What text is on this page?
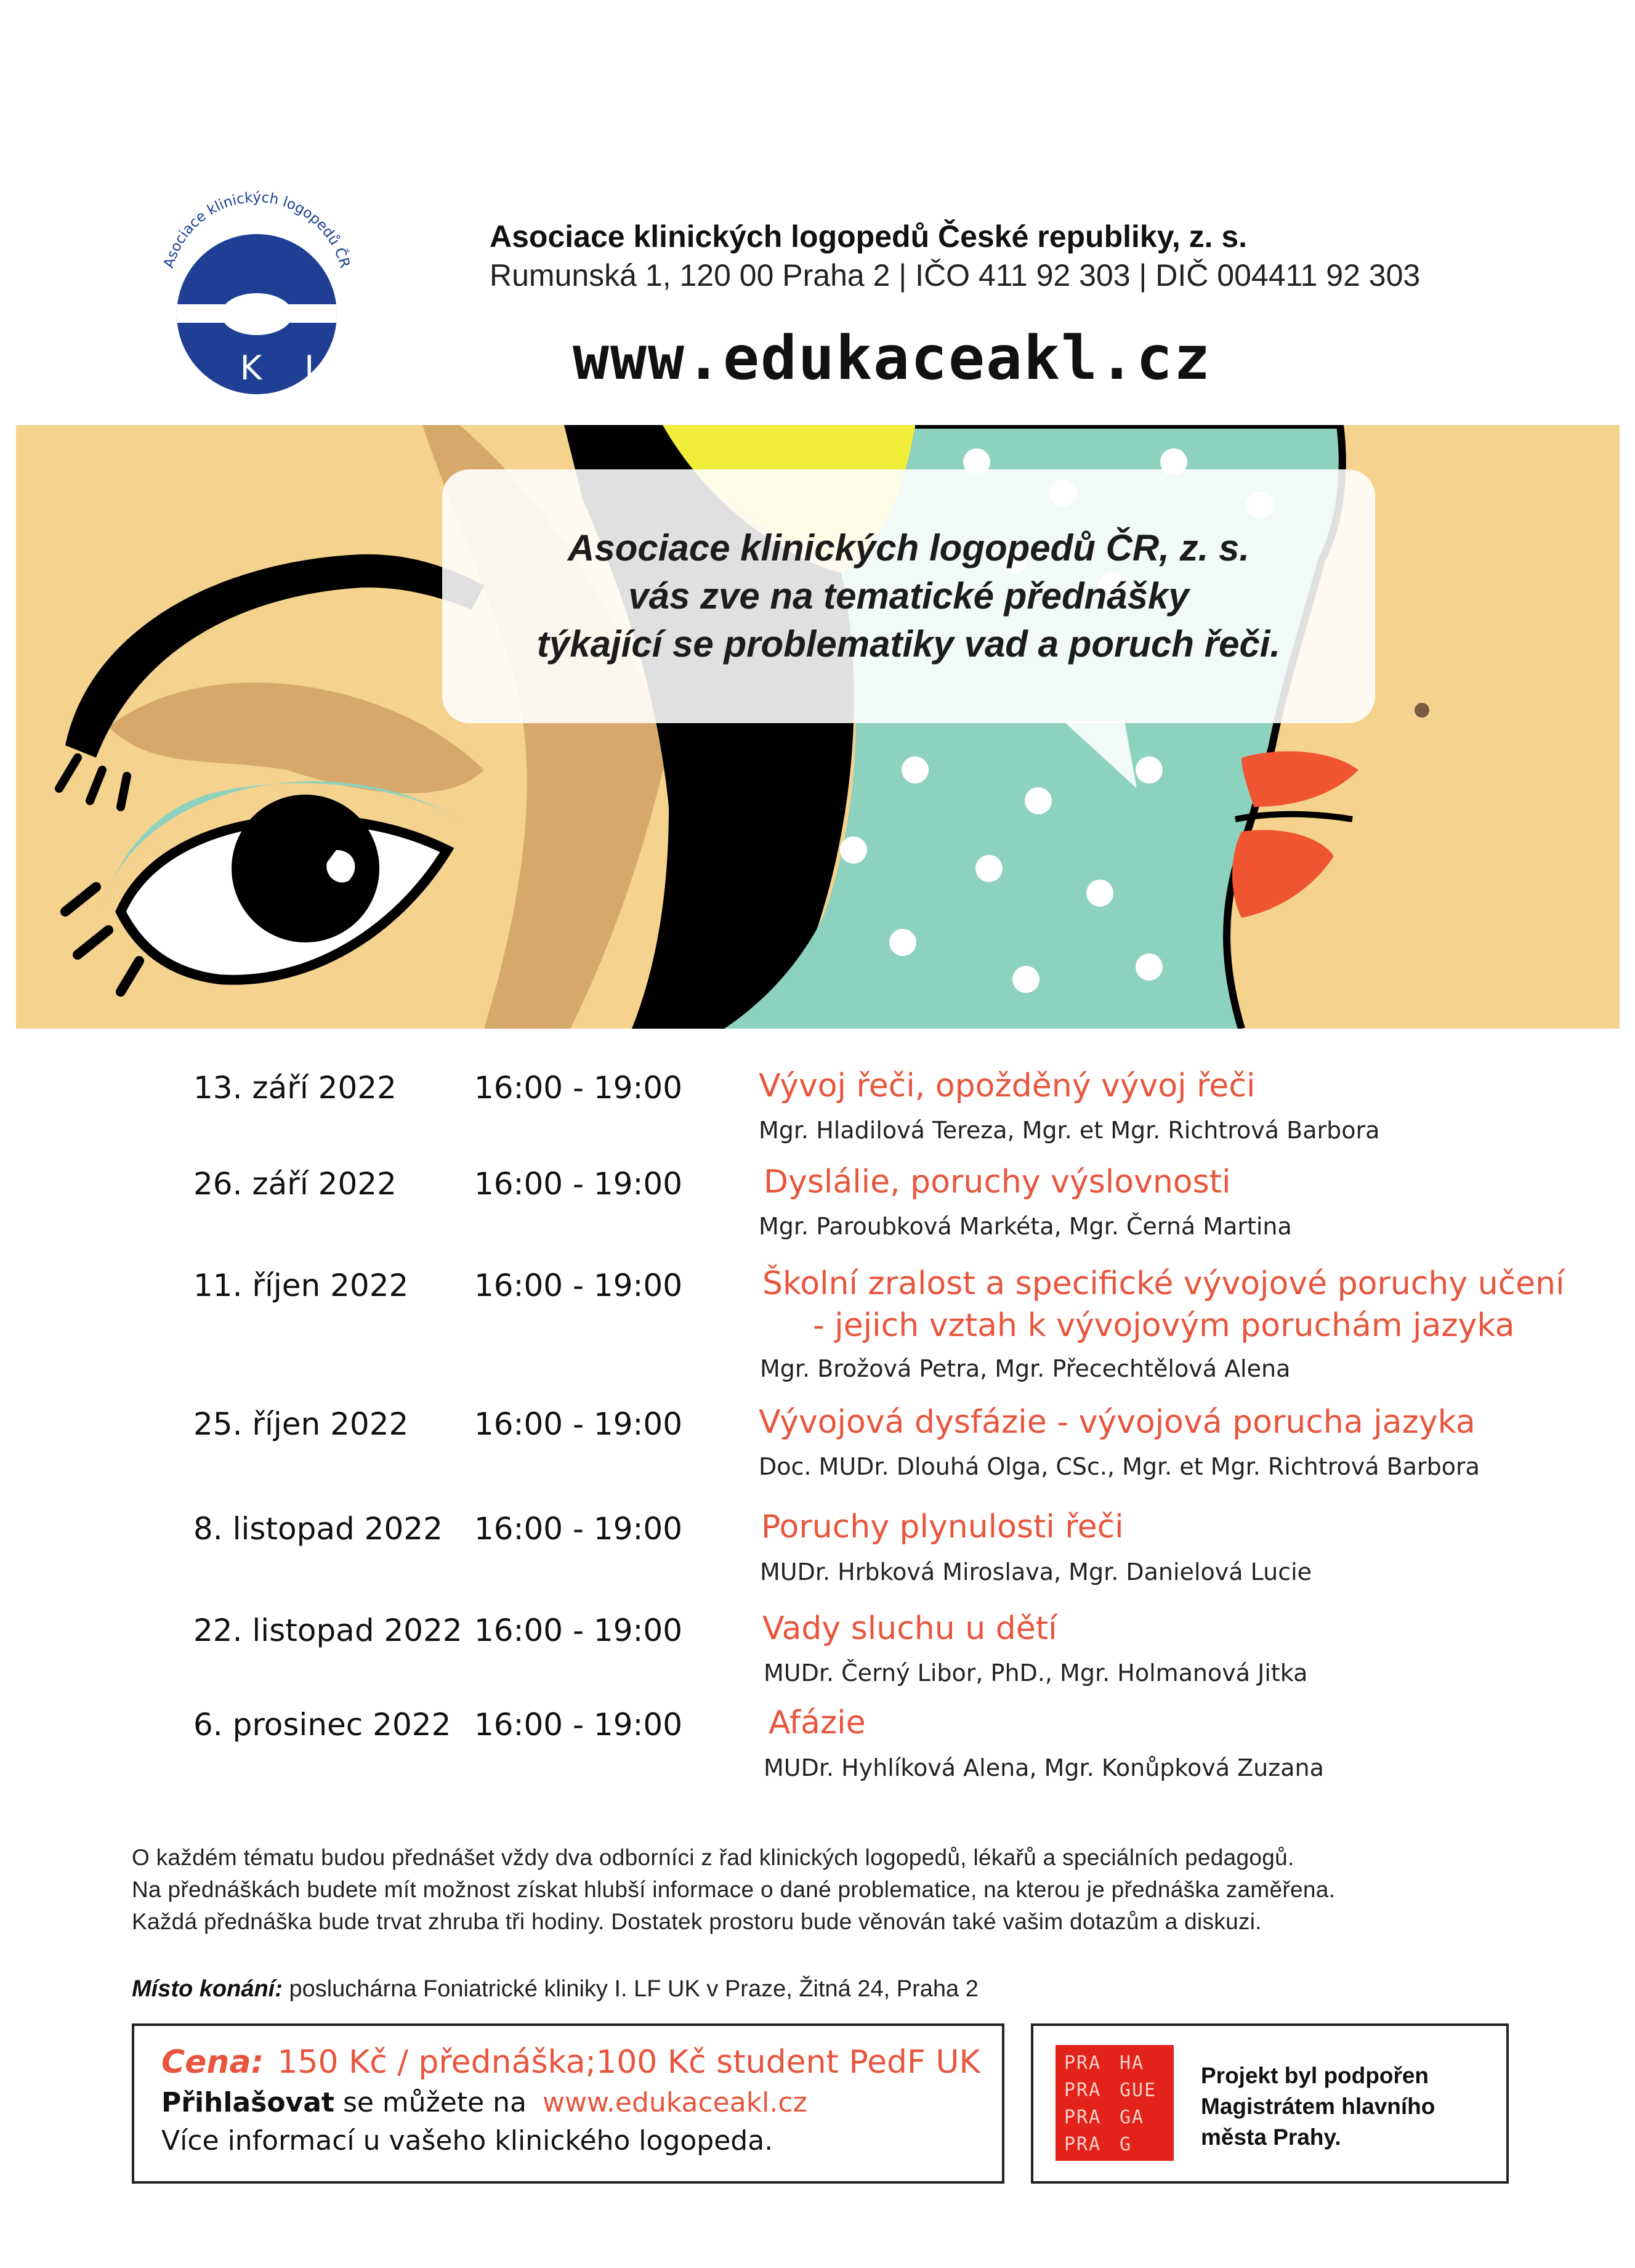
Asociace klinických logopedů ČR
A K L
Asociace klinických logopedů České republiky, z. s.
Rumunská 1, 120 00 Praha 2 | IČO 411 92 303 | DIČ 004411 92 303
www.edukaceakl.cz
Asociace klinických logopedů ČR, z. s.
vás zve na tematické přednášky
týkající se problematiky vad a poruch řeči.
13. září 2022	16:00 - 19:00 Vývoj řeči, opožděný vývoj řeči
Mgr. Hladilová Tereza, Mgr. et Mgr. Richtrová Barbora
26. září 2022	16:00 - 19:00	Dyslálie, poruchy výslovnosti
Mgr. Paroubková Markéta, Mgr. Černá Martina
11. říjen 2022 16:00 - 19:00 Školní zralost a specifické vývojové poruchy učení
- jejich vztah k vývojovým poruchám jazyka
Mgr. Brožová Petra, Mgr. Přecechtělová Alena
25. říjen 2022 16:00 - 19:00 Vývojová dysfázie - vývojová porucha jazyka
Doc. MUDr. Dlouhá Olga, CSc., Mgr. et Mgr. Richtrová Barbora
8. listopad 2022 16:00 - 19:00 Poruchy plynulosti řeči
MUDr. Hrbková Miroslava, Mgr. Danielová Lucie
22. listopad 2022 16:00 - 19:00 Vady sluchu u dětí
MUDr. Černý Libor, PhD., Mgr. Holmanová Jitka
6. prosinec 2022 16:00 - 19:00	Afázie
MUDr. Hyhlíková Alena, Mgr. Konůpková Zuzana
O každém tématu budou přednášet vždy dva odborníci z řad klinických logopedů, lékařů a speciálních pedagogů.
Na přednáškách budete mít možnost získat hlubší informace o dané problematice, na kterou je přednáška zaměřena.
Každá přednáška bude trvat zhruba tři hodiny. Dostatek prostoru bude věnován také vašim dotazům a diskuzi.
Místo konání: posluchárna Foniatrické kliniky I. LF UK v Praze, Žitná 24, Praha 2
Cena: 150 Kč / přednáška;100 Kč student PedF UK
Přihlašovat se můžete na www.edukaceakl.cz
Více informací u vašeho klinického logopeda.
PRA HA
PRA GUE
PRA GA
PRA G
Projekt byl podpořen
Magistrátem hlavního
města Prahy.
